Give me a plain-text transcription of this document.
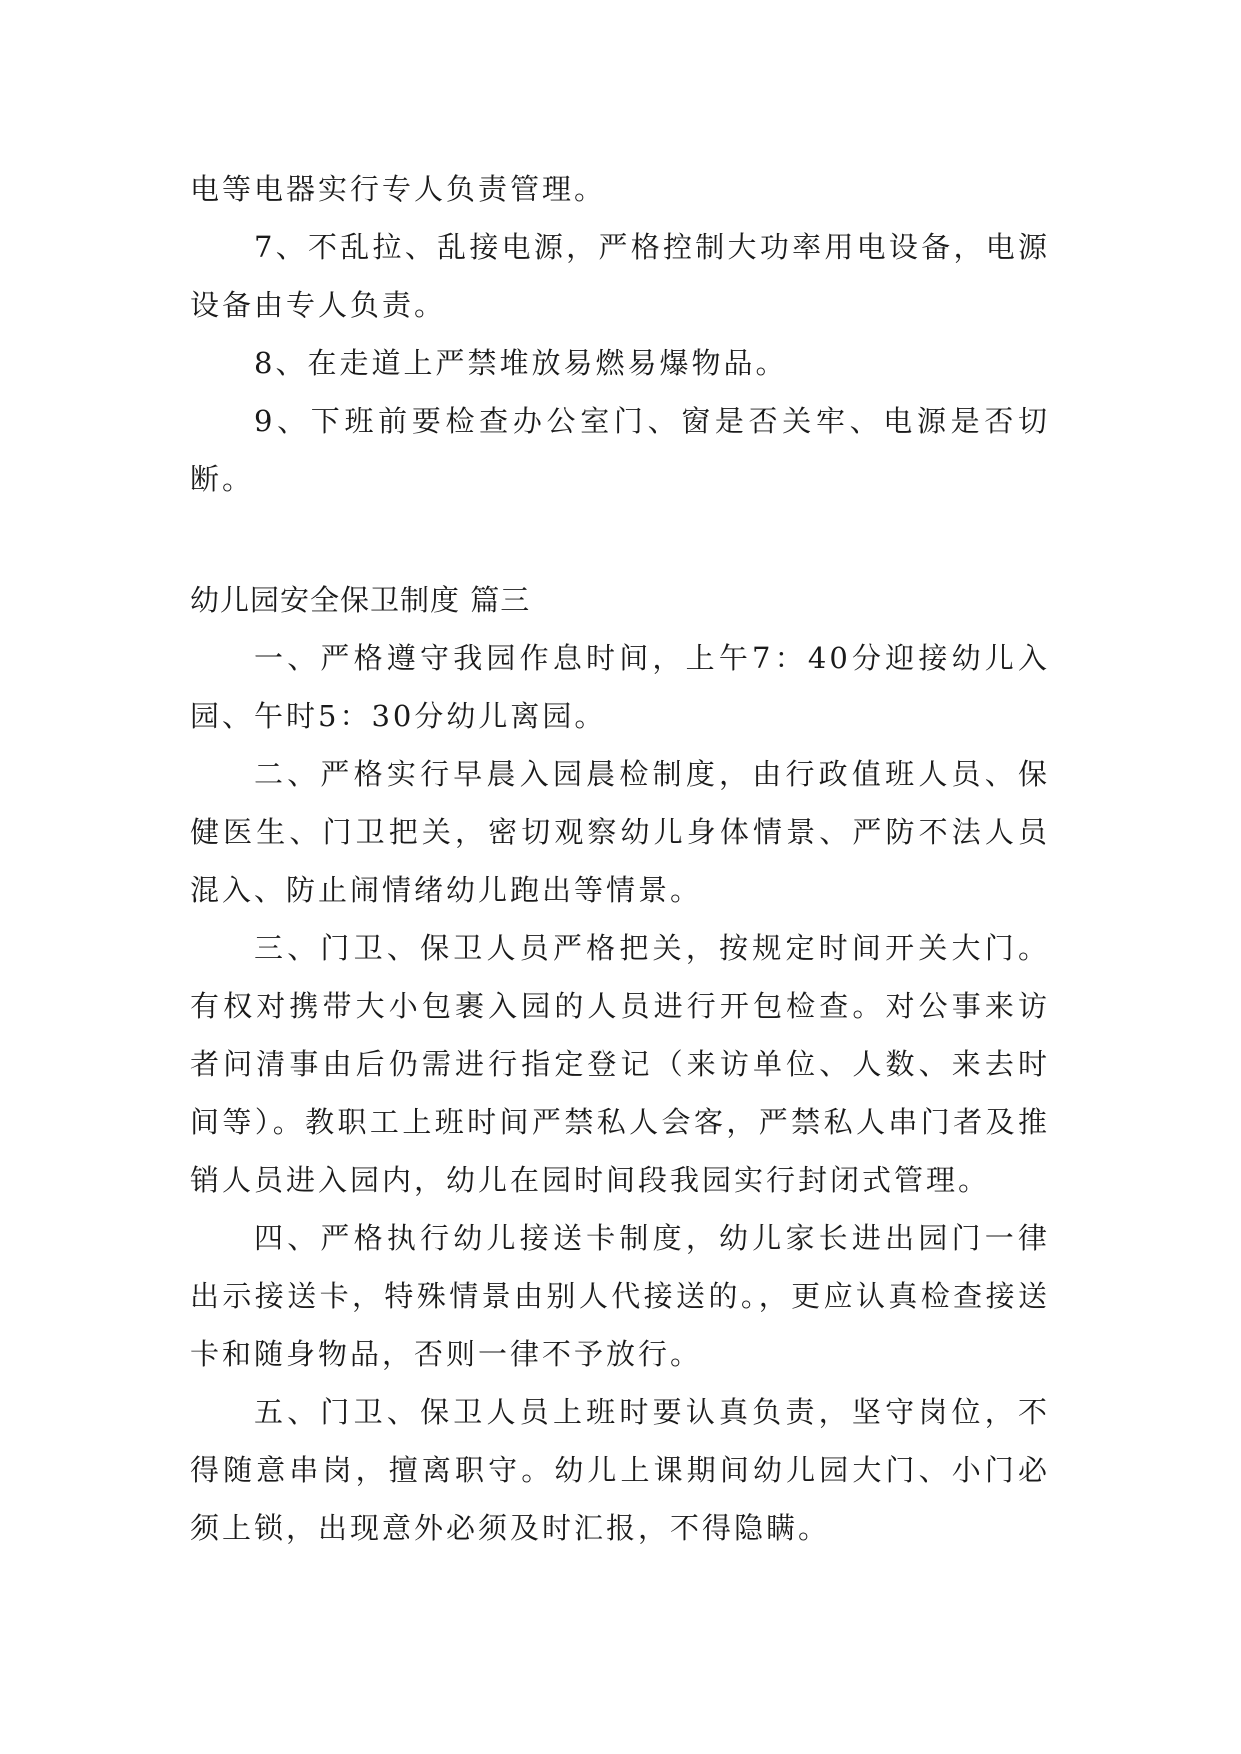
电等电器实行专人负责管理。

7、不乱拉、乱接电源，严格控制大功率用电设备，电源设备由专人负责。

8、在走道上严禁堆放易燃易爆物品。

9、下班前要检查办公室门、窗是否关牢、电源是否切断。

幼儿园安全保卫制度 篇三

一、严格遵守我园作息时间，上午7：40分迎接幼儿入园、午时5：30分幼儿离园。

二、严格实行早晨入园晨检制度，由行政值班人员、保健医生、门卫把关，密切观察幼儿身体情景、严防不法人员混入、防止闹情绪幼儿跑出等情景。

三、门卫、保卫人员严格把关，按规定时间开关大门。有权对携带大小包裹入园的人员进行开包检查。对公事来访者问清事由后仍需进行指定登记（来访单位、人数、来去时间等）。教职工上班时间严禁私人会客，严禁私人串门者及推销人员进入园内，幼儿在园时间段我园实行封闭式管理。

四、严格执行幼儿接送卡制度，幼儿家长进出园门一律出示接送卡，特殊情景由别人代接送的。，更应认真检查接送卡和随身物品，否则一律不予放行。

五、门卫、保卫人员上班时要认真负责，坚守岗位，不得随意串岗，擅离职守。幼儿上课期间幼儿园大门、小门必须上锁，出现意外必须及时汇报，不得隐瞒。
